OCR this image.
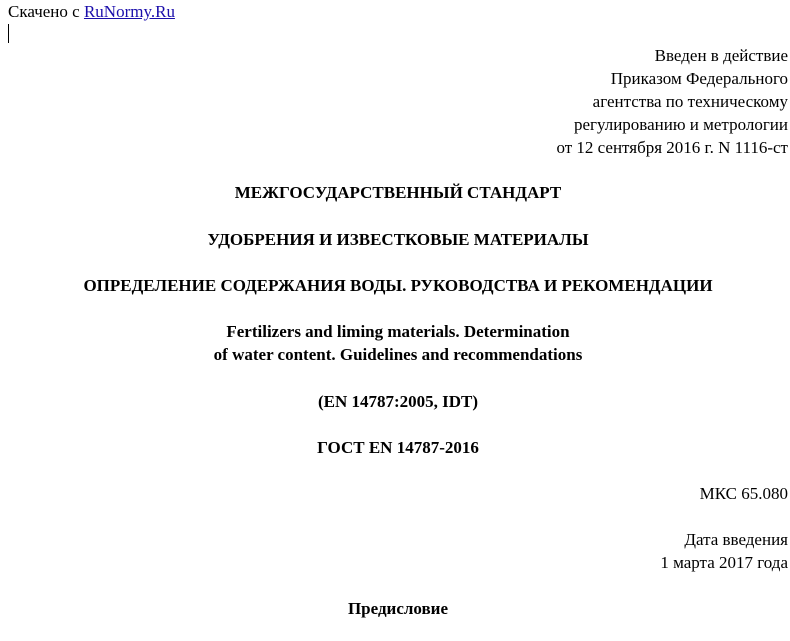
Скачено с RuNormy.Ru
Введен в действие
Приказом Федерального
агентства по техническому
регулированию и метрологии
от 12 сентября 2016 г. N 1116-ст
МЕЖГОСУДАРСТВЕННЫЙ СТАНДАРТ
УДОБРЕНИЯ И ИЗВЕСТКОВЫЕ МАТЕРИАЛЫ
ОПРЕДЕЛЕНИЕ СОДЕРЖАНИЯ ВОДЫ. РУКОВОДСТВА И РЕКОМЕНДАЦИИ
Fertilizers and liming materials. Determination
of water content. Guidelines and recommendations
(EN 14787:2005, IDT)
ГОСТ EN 14787-2016
МКС 65.080
Дата введения
1 марта 2017 года
Предисловие
